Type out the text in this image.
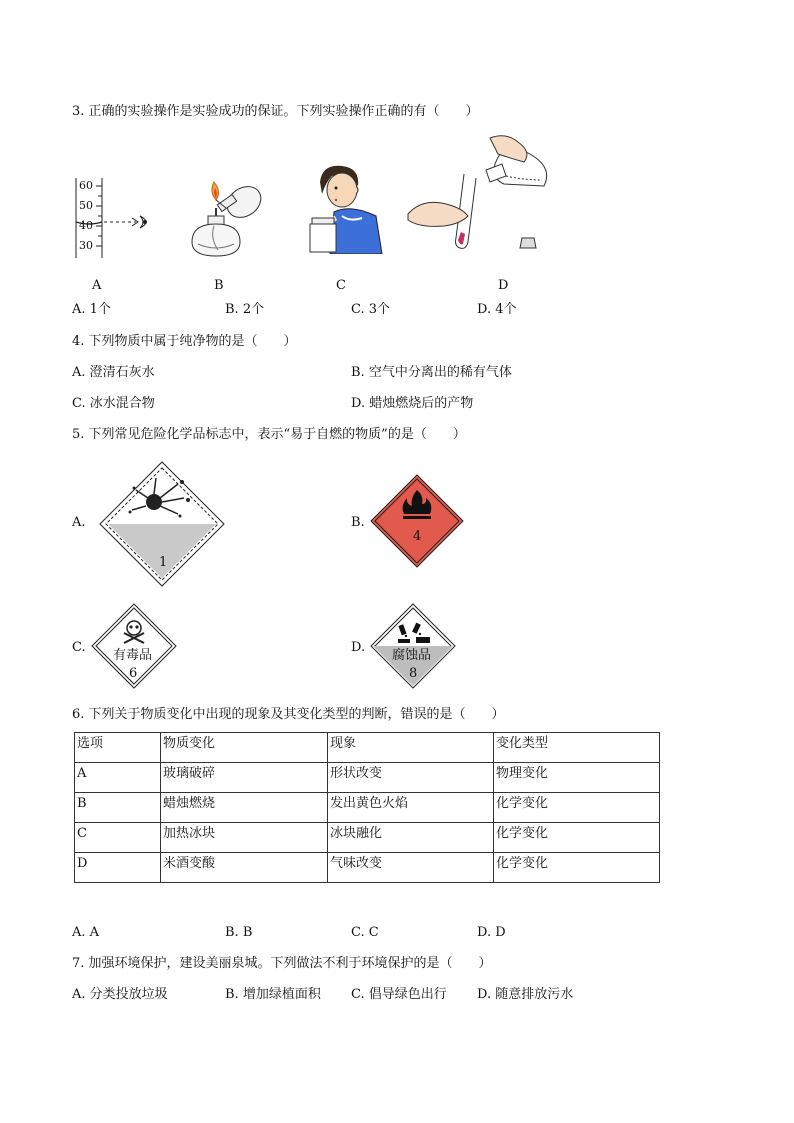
3. 正确的实验操作是实验成功的保证。下列实验操作正确的有（　　）
60
50
40
30
A	B	C	D
A. 1个	B. 2个	C. 3个	D. 4个
4. 下列物质中属于纯净物的是（　　）
A. 澄清石灰水	B. 空气中分离出的稀有气体
C. 冰水混合物	D. 蜡烛燃烧后的产物
5. 下列常见危险化学品标志中，表示“易于自燃的物质”的是（　　）
A.
1
B.
4
C.
有毒品
6
D.
腐蚀品
8
6. 下列关于物质变化中出现的现象及其变化类型的判断，错误的是（　　）
选项	物质变化	现象	变化类型
A	玻璃破碎	形状改变	物理变化
B	蜡烛燃烧	发出黄色火焰	化学变化
C	加热冰块	冰块融化	化学变化
D	米酒变酸	气味改变	化学变化
A. A	B. B	C. C	D. D
7. 加强环境保护，建设美丽泉城。下列做法不利于环境保护的是（　　）
A. 分类投放垃圾	B. 增加绿植面积 C. 倡导绿色出行 D. 随意排放污水
